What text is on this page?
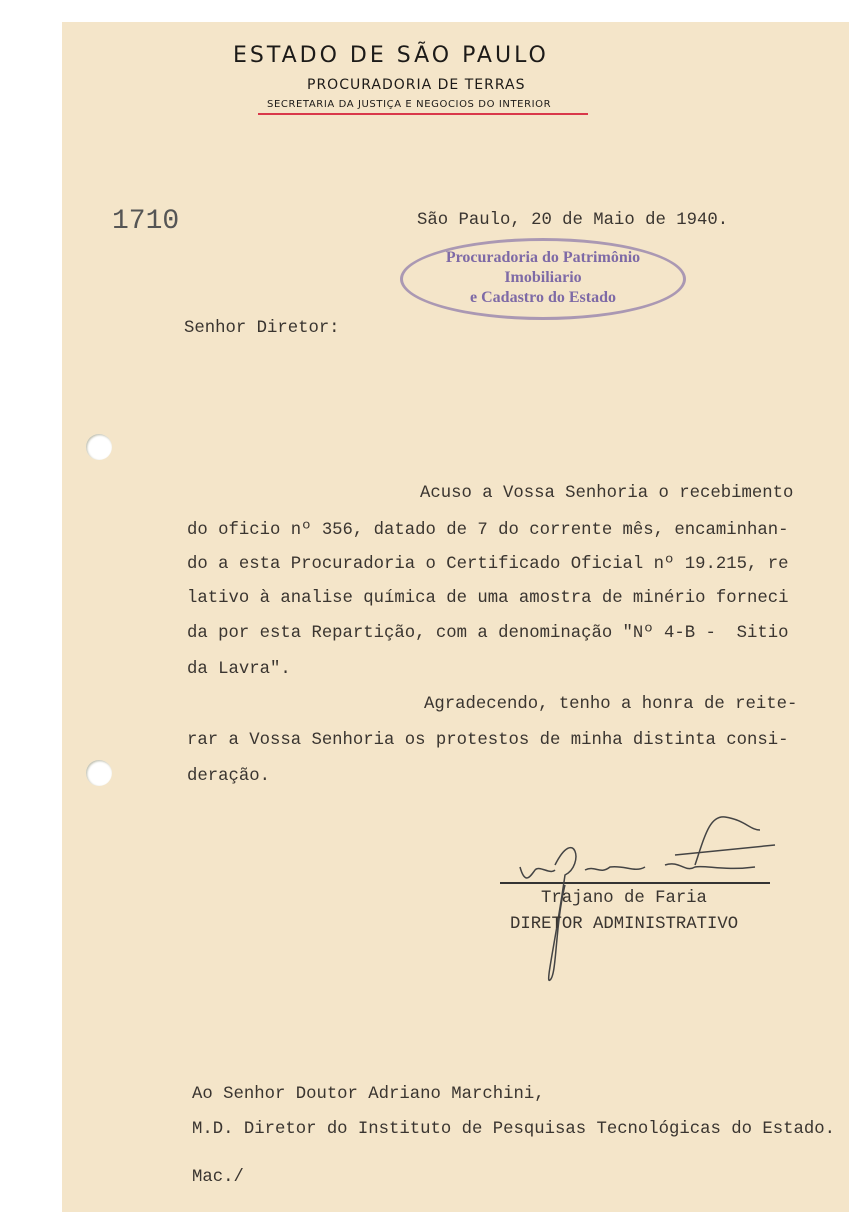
Procuradoria do Patrimônio
Imobiliario
e Cadastro do Estado
ESTADO DE SÃO PAULO
PROCURADORIA DE TERRAS
SECRETARIA DA JUSTIÇA E NEGOCIOS DO INTERIOR
1710	São Paulo, 20 de Maio de 1940.
Senhor Diretor:
Acuso a Vossa Senhoria o recebimento
do oficio nº 356, datado de 7 do corrente mês, encaminhan-
do a esta Procuradoria o Certificado Oficial nº 19.215, re
lativo à analise química de uma amostra de minério forneci
da por esta Repartição, com a denominação "Nº 4-B -  Sitio
da Lavra".
Agradecendo, tenho a honra de reite-
rar a Vossa Senhoria os protestos de minha distinta consi-
deração.
Trajano de Faria
DIRETOR ADMINISTRATIVO
Ao Senhor Doutor Adriano Marchini,
M.D. Diretor do Instituto de Pesquisas Tecnológicas do Estado.
Mac./
